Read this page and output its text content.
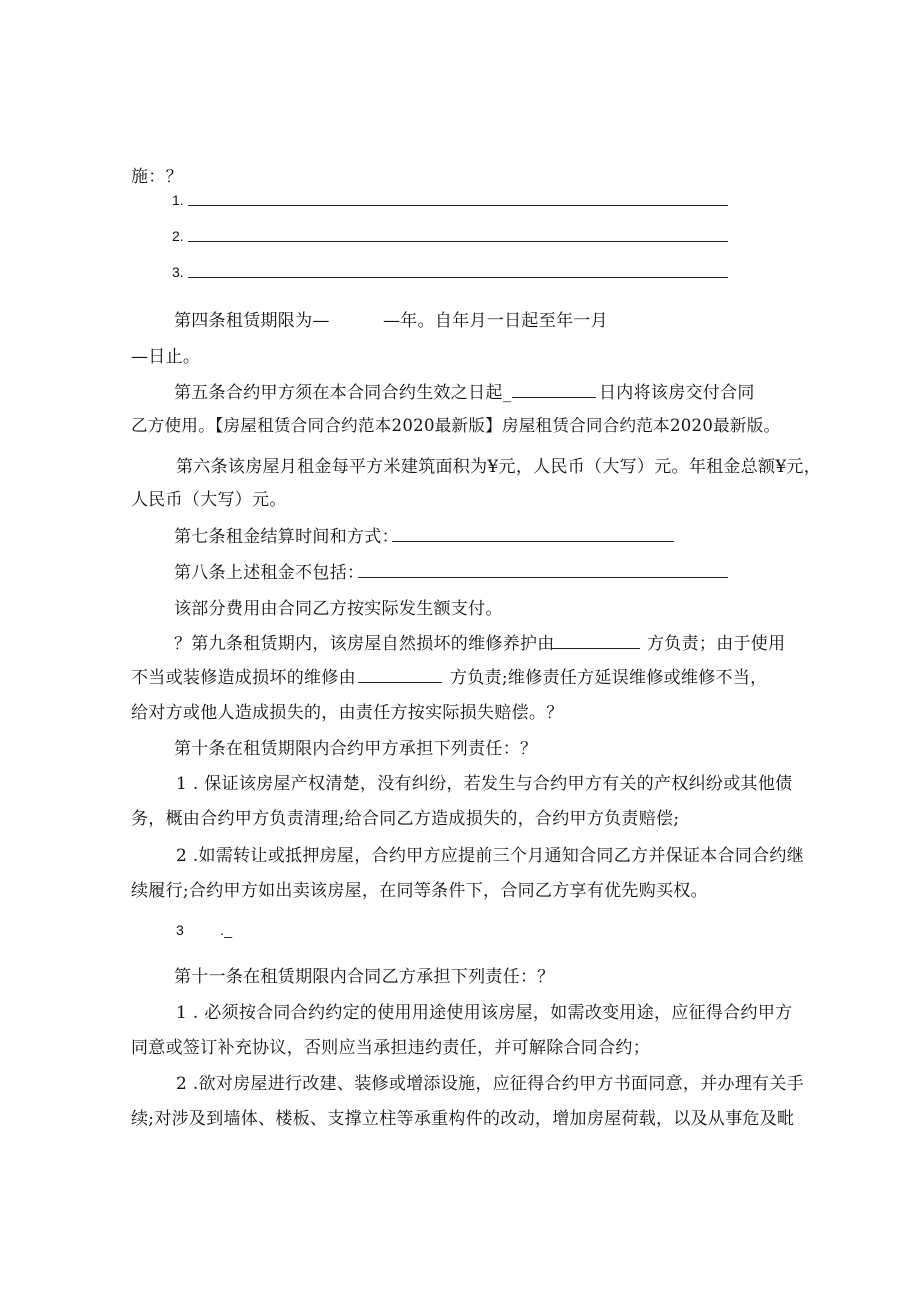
施：？
1.
2.
3.
第四条租赁期限为—	—年。自年月一日起至年一月
—日止。
第五条合约甲方须在本合同合约生效之日起_	日内将该房交付合同
乙方使用。【房屋租赁合同合约范本2020最新版】房屋租赁合同合约范本2020最新版。
第六条该房屋月租金每平方米建筑面积为¥元，人民币（大写）元。年租金总额¥元，
人民币（大写）元。
第七条租金结算时间和方式：
第八条上述租金不包括：
该部分费用由合同乙方按实际发生额支付。
？第九条租赁期内，该房屋自然损坏的维修养护由	方负责；由于使用
不当或装修造成损坏的维修由	方负责;维修责任方延误维修或维修不当，
给对方或他人造成损失的，由责任方按实际损失赔偿。？
第十条在租赁期限内合约甲方承担下列责任：？
1 . 保证该房屋产权清楚，没有纠纷，若发生与合约甲方有关的产权纠纷或其他债
务，概由合约甲方负责清理;给合同乙方造成损失的，合约甲方负责赔偿;
2 .如需转让或抵押房屋，合约甲方应提前三个月通知合同乙方并保证本合同合约继
续履行;合约甲方如出卖该房屋，在同等条件下，合同乙方享有优先购买权。
3	._
第十一条在租赁期限内合同乙方承担下列责任：？
1 . 必须按合同合约约定的使用用途使用该房屋，如需改变用途，应征得合约甲方
同意或签订补充协议，否则应当承担违约责任，并可解除合同合约；
2 .欲对房屋进行改建、装修或增添设施，应征得合约甲方书面同意，并办理有关手
续;对涉及到墙体、楼板、支撑立柱等承重构件的改动，增加房屋荷载，以及从事危及毗
